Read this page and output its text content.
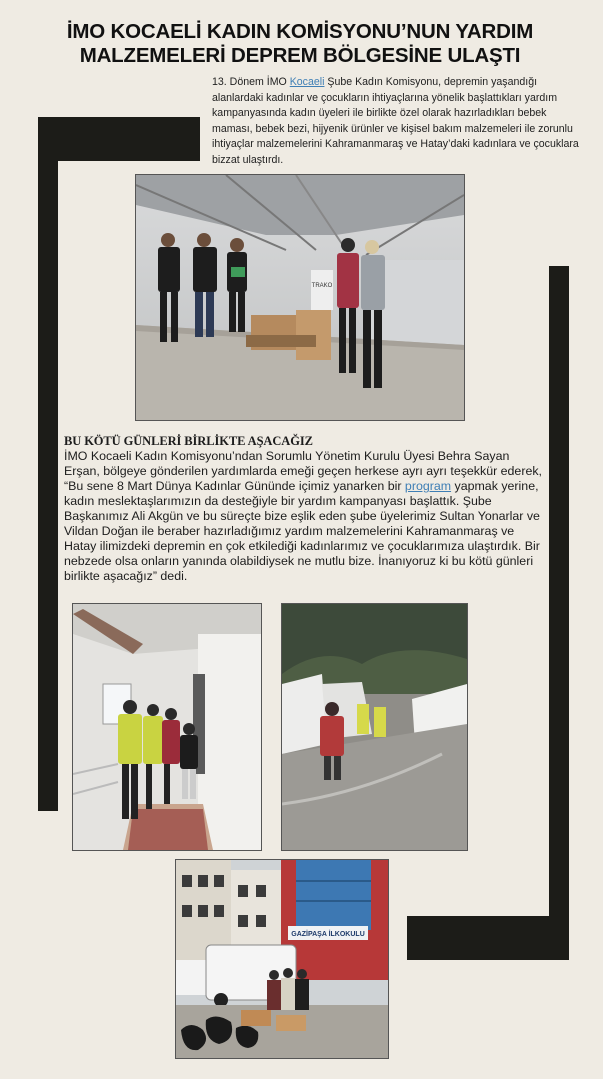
İMO KOCAELİ KADIN KOMİSYONU’NUN YARDIM
MALZEMELERİ DEPREM BÖLGESİNE ULAŞTI

13. Dönem İMO Kocaeli Şube Kadın Komisyonu, depremin yaşandığı alanlardaki kadınlar ve çocukların ihtiyaçlarına yönelik başlattıkları yardım kampanyasında kadın üyeleri ile birlikte özel olarak hazırladıkları bebek maması, bebek bezi, hijyenik ürünler ve kişisel bakım malzemeleri ile zorunlu ihtiyaçlar malzemelerini Kahramanmaraş ve Hatay’daki kadınlara ve çocuklara bizzat ulaştırdı.

TRAKO
BU KÖTÜ GÜNLERİ BİRLİKTE AŞACAĞIZ

İMO Kocaeli Kadın Komisyonu’ndan Sorumlu Yönetim Kurulu Üyesi Behra Sayan Erşan, bölgeye gönderilen yardımlarda emeği geçen herkese ayrı ayrı teşekkür ederek, “Bu sene 8 Mart Dünya Kadınlar Gününde içimiz yanarken bir program yapmak yerine, kadın meslektaşlarımızın da desteğiyle bir yardım kampanyası başlattık. Şube Başkanımız Ali Akgün ve bu süreçte bize eşlik eden şube üyelerimiz Sultan Yonarlar ve Vildan Doğan ile beraber hazırladığımız yardım malzemelerini Kahramanmaraş ve Hatay ilimizdeki depremin en çok etkilediği kadınlarımız ve çocuklarımıza ulaştırdık. Bir nebzede olsa onların yanında olabildiysek ne mutlu bize. İnanıyoruz ki bu kötü günleri birlikte aşacağız” dedi.

GAZİPAŞA İLKOKULU
